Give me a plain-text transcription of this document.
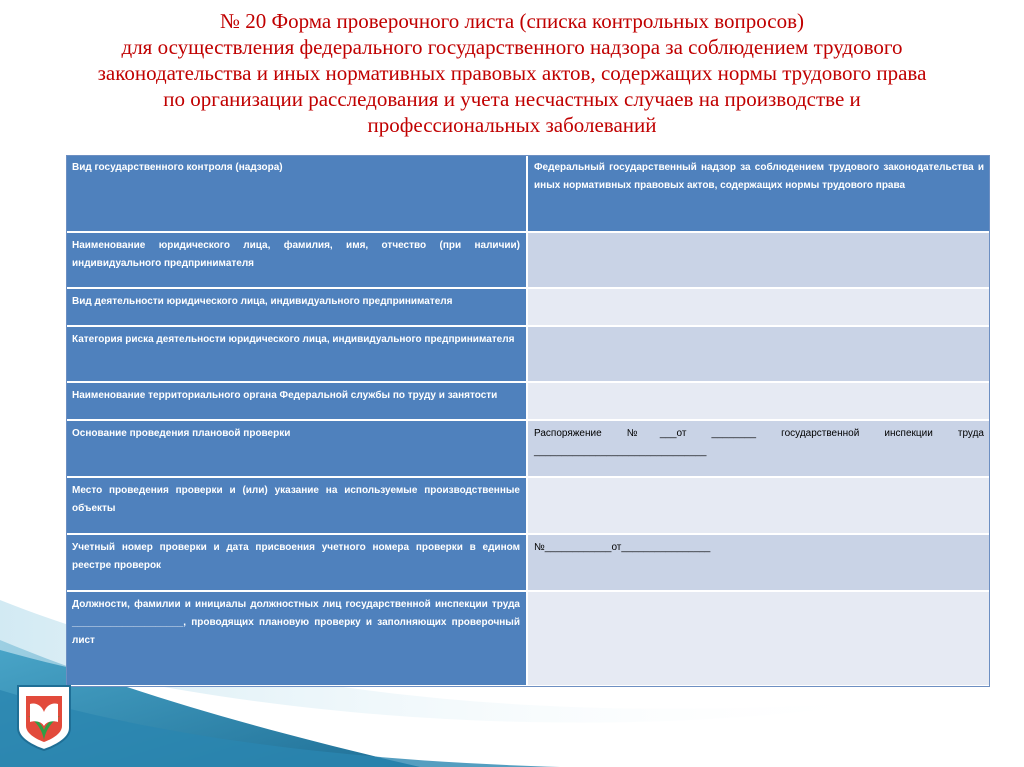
№ 20 Форма проверочного листа (списка контрольных вопросов)
для осуществления федерального государственного надзора за соблюдением трудового
законодательства и иных нормативных правовых актов, содержащих нормы трудового права
по организации расследования и учета несчастных случаев на производстве и
профессиональных заболеваний
Вид государственного контроля (надзора)	Федеральный государственный надзор за соблюдением трудового законодательства и иных нормативных правовых актов, содержащих нормы трудового права
Наименование юридического лица, фамилия, имя, отчество (при наличии) индивидуального предпринимателя
Вид деятельности юридического лица, индивидуального предпринимателя
Категория риска деятельности юридического лица, индивидуального предпринимателя
Наименование территориального органа Федеральной службы по труду и занятости
Основание проведения плановой проверки	Распоряжение №___от ________ государственной инспекции труда _______________________________
Место проведения проверки и (или) указание на используемые производственные объекты
Учетный номер проверки и дата присвоения учетного номера проверки в едином реестре проверок
№____________от________________
Должности, фамилии и инициалы должностных лиц государственной инспекции труда ____________________, проводящих плановую проверку и заполняющих проверочный лист
